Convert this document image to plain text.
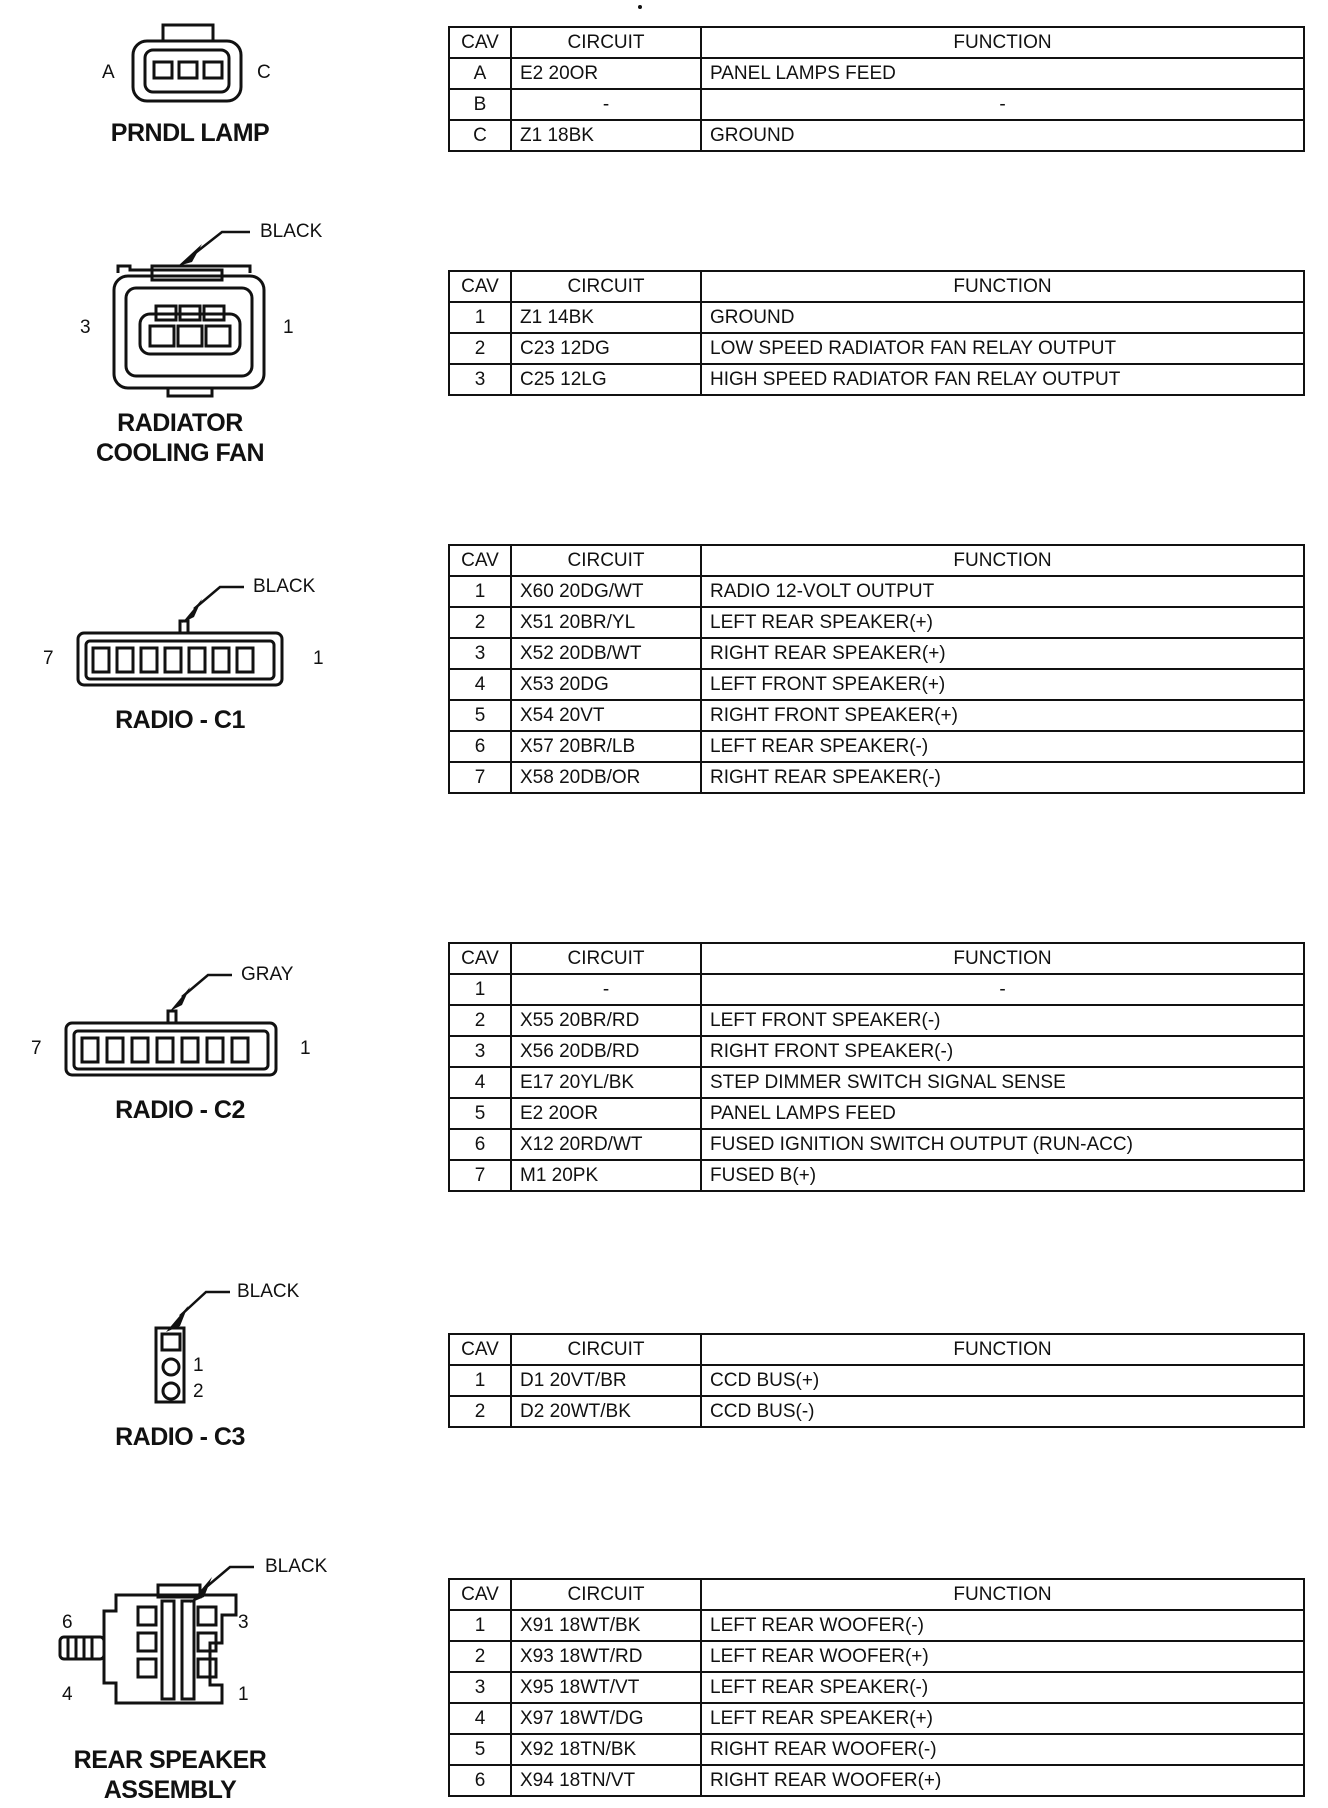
A	C
PRNDL LAMP
CAV	CIRCUIT	FUNCTION
A	E2 20OR	PANEL LAMPS FEED
B	-	-
C	Z1 18BK	GROUND
BLACK
3	1
RADIATOR
COOLING FAN
CAV	CIRCUIT	FUNCTION
1	Z1 14BK	GROUND
2	C23 12DG	LOW SPEED RADIATOR FAN RELAY OUTPUT
3	C25 12LG	HIGH SPEED RADIATOR FAN RELAY OUTPUT
BLACK
7	1
RADIO - C1
CAV	CIRCUIT	FUNCTION
1	X60 20DG/WT	RADIO 12-VOLT OUTPUT
2	X51 20BR/YL	LEFT REAR SPEAKER(+)
3	X52 20DB/WT	RIGHT REAR SPEAKER(+)
4	X53 20DG	LEFT FRONT SPEAKER(+)
5	X54 20VT	RIGHT FRONT SPEAKER(+)
6	X57 20BR/LB	LEFT REAR SPEAKER(-)
7	X58 20DB/OR	RIGHT REAR SPEAKER(-)
GRAY
7	1
RADIO - C2
CAV	CIRCUIT	FUNCTION
1	-	-
2	X55 20BR/RD	LEFT FRONT SPEAKER(-)
3	X56 20DB/RD	RIGHT FRONT SPEAKER(-)
4	E17 20YL/BK	STEP DIMMER SWITCH SIGNAL SENSE
5	E2 20OR	PANEL LAMPS FEED
6	X12 20RD/WT	FUSED IGNITION SWITCH OUTPUT (RUN-ACC)
7	M1 20PK	FUSED B(+)
BLACK
1
2
RADIO - C3
CAV	CIRCUIT	FUNCTION
1	D1 20VT/BR	CCD BUS(+)
2	D2 20WT/BK	CCD BUS(-)
BLACK
6	3
4	1
REAR SPEAKER
ASSEMBLY
CAV	CIRCUIT	FUNCTION
1	X91 18WT/BK	LEFT REAR WOOFER(-)
2	X93 18WT/RD	LEFT REAR WOOFER(+)
3	X95 18WT/VT	LEFT REAR SPEAKER(-)
4	X97 18WT/DG	LEFT REAR SPEAKER(+)
5	X92 18TN/BK	RIGHT REAR WOOFER(-)
6	X94 18TN/VT	RIGHT REAR WOOFER(+)
